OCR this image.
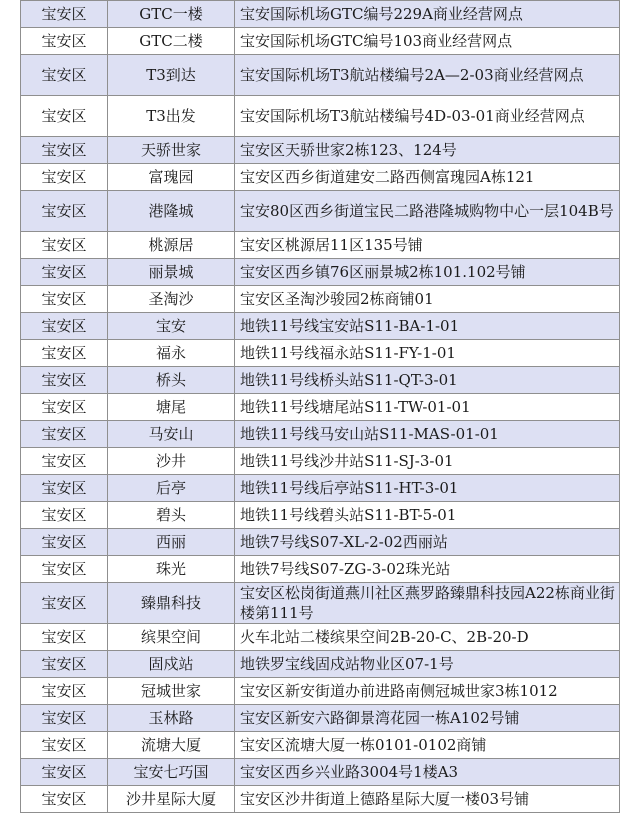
宝安区	GTC一楼	宝安国际机场GTC编号229A商业经营网点
宝安区	GTC二楼	宝安国际机场GTC编号103商业经营网点
宝安区	T3到达	宝安国际机场T3航站楼编号2A—2-03商业经营网点
宝安区	T3出发	宝安国际机场T3航站楼编号4D-03-01商业经营网点
宝安区	天骄世家	宝安区天骄世家2栋123、124号
宝安区	富瑰园	宝安区西乡街道建安二路西侧富瑰园A栋121
宝安区	港隆城	宝安80区西乡街道宝民二路港隆城购物中心一层104B号
宝安区	桃源居	宝安区桃源居11区135号铺
宝安区	丽景城	宝安区西乡镇76区丽景城2栋101.102号铺
宝安区	圣淘沙	宝安区圣淘沙骏园2栋商铺01
宝安区	宝安	地铁11号线宝安站S11-BA-1-01
宝安区	福永	地铁11号线福永站S11-FY-1-01
宝安区	桥头	地铁11号线桥头站S11-QT-3-01
宝安区	塘尾	地铁11号线塘尾站S11-TW-01-01
宝安区	马安山	地铁11号线马安山站S11-MAS-01-01
宝安区	沙井	地铁11号线沙井站S11-SJ-3-01
宝安区	后亭	地铁11号线后亭站S11-HT-3-01
宝安区	碧头	地铁11号线碧头站S11-BT-5-01
宝安区	西丽	地铁7号线S07-XL-2-02西丽站
宝安区	珠光	地铁7号线S07-ZG-3-02珠光站
宝安区	臻鼎科技	宝安区松岗街道燕川社区燕罗路臻鼎科技园A22栋商业街楼第111号
宝安区	缤果空间	火车北站二楼缤果空间2B-20-C、2B-20-D
宝安区	固戍站	地铁罗宝线固戍站物业区07-1号
宝安区	冠城世家	宝安区新安街道办前进路南侧冠城世家3栋1012
宝安区	玉林路	宝安区新安六路御景湾花园一栋A102号铺
宝安区	流塘大厦	宝安区流塘大厦一栋0101-0102商铺
宝安区	宝安七巧国	宝安区西乡兴业路3004号1楼A3
宝安区	沙井星际大厦	宝安区沙井街道上德路星际大厦一楼03号铺
